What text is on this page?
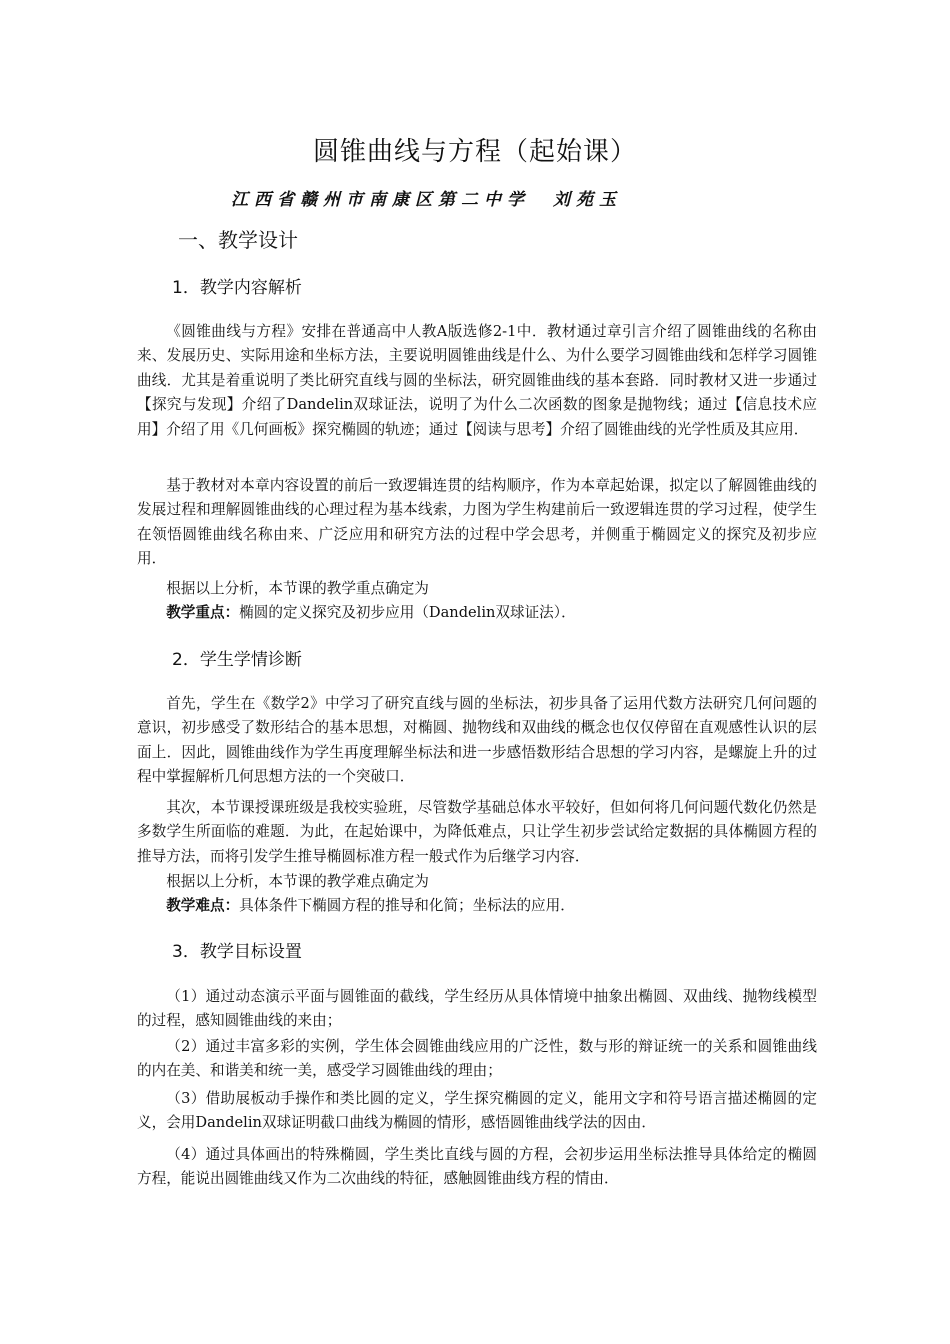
圆锥曲线与方程（起始课）
江西省赣州市南康区第二中学　刘苑玉
一、教学设计
1．教学内容解析
《圆锥曲线与方程》安排在普通高中人教A版选修2-1中．教材通过章引言介绍了圆锥曲线的名称由来、发展历史、实际用途和坐标方法，主要说明圆锥曲线是什么、为什么要学习圆锥曲线和怎样学习圆锥曲线．尤其是着重说明了类比研究直线与圆的坐标法，研究圆锥曲线的基本套路．同时教材又进一步通过【探究与发现】介绍了Dandelin双球证法，说明了为什么二次函数的图象是抛物线；通过【信息技术应用】介绍了用《几何画板》探究椭圆的轨迹；通过【阅读与思考】介绍了圆锥曲线的光学性质及其应用．
基于教材对本章内容设置的前后一致逻辑连贯的结构顺序，作为本章起始课，拟定以了解圆锥曲线的发展过程和理解圆锥曲线的心理过程为基本线索，力图为学生构建前后一致逻辑连贯的学习过程，使学生在领悟圆锥曲线名称由来、广泛应用和研究方法的过程中学会思考，并侧重于椭圆定义的探究及初步应用．
根据以上分析，本节课的教学重点确定为
教学重点：椭圆的定义探究及初步应用（Dandelin双球证法）．
2．学生学情诊断
首先，学生在《数学2》中学习了研究直线与圆的坐标法，初步具备了运用代数方法研究几何问题的意识，初步感受了数形结合的基本思想，对椭圆、抛物线和双曲线的概念也仅仅停留在直观感性认识的层面上．因此，圆锥曲线作为学生再度理解坐标法和进一步感悟数形结合思想的学习内容，是螺旋上升的过程中掌握解析几何思想方法的一个突破口．
其次，本节课授课班级是我校实验班，尽管数学基础总体水平较好，但如何将几何问题代数化仍然是多数学生所面临的难题．为此，在起始课中，为降低难点，只让学生初步尝试给定数据的具体椭圆方程的推导方法，而将引发学生推导椭圆标准方程一般式作为后继学习内容．
根据以上分析，本节课的教学难点确定为
教学难点：具体条件下椭圆方程的推导和化简；坐标法的应用．
3．教学目标设置
（1）通过动态演示平面与圆锥面的截线，学生经历从具体情境中抽象出椭圆、双曲线、抛物线模型的过程，感知圆锥曲线的来由；
（2）通过丰富多彩的实例，学生体会圆锥曲线应用的广泛性，数与形的辩证统一的关系和圆锥曲线的内在美、和谐美和统一美，感受学习圆锥曲线的理由；
（3）借助展板动手操作和类比圆的定义，学生探究椭圆的定义，能用文字和符号语言描述椭圆的定义，会用Dandelin双球证明截口曲线为椭圆的情形，感悟圆锥曲线学法的因由．
（4）通过具体画出的特殊椭圆，学生类比直线与圆的方程，会初步运用坐标法推导具体给定的椭圆方程，能说出圆锥曲线又作为二次曲线的特征，感触圆锥曲线方程的情由．
